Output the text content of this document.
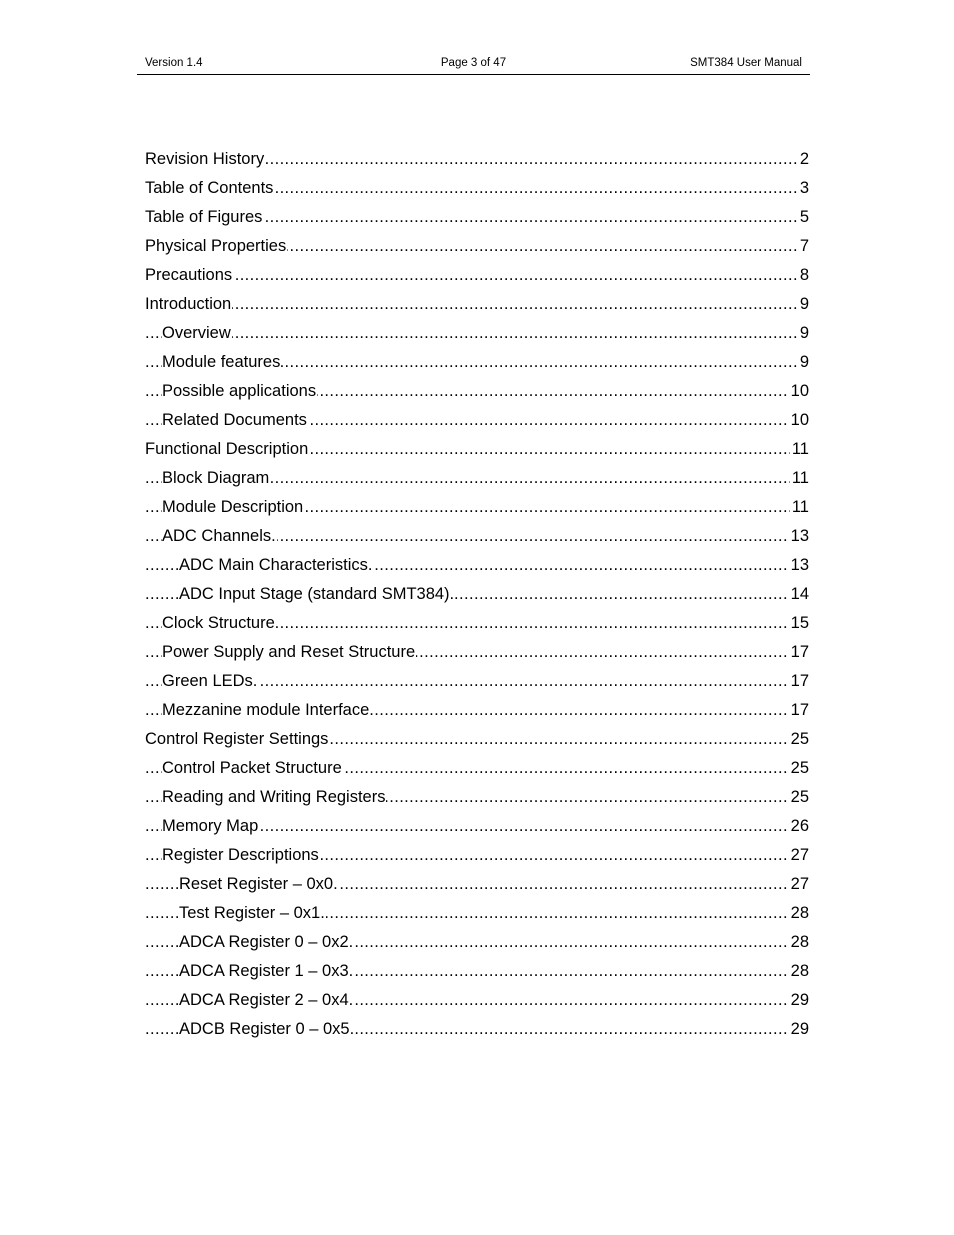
Version 1.4	Page 3 of 47	SMT384 User Manual
..... Revision History	2
..... Table of Contents	3
..... Table of Figures	5
..... Physical Properties	7
..... Precautions	8
..... Introduction	9
..... Overview	9
..... Module features	9
..... Possible applications	10
..... Related Documents	10
..... Functional Description	11
..... Block Diagram	11
..... Module Description	11
..... ADC Channels.	13
..... ADC Main Characteristics.	13
..... ADC Input Stage (standard SMT384).	14
..... Clock Structure	15
..... Power Supply and Reset Structure	17
..... Green LEDs.	17
..... Mezzanine module Interface	17
..... Control Register Settings	25
..... Control Packet Structure	25
..... Reading and Writing Registers	25
..... Memory Map	26
..... Register Descriptions	27
..... Reset Register – 0x0.	27
..... Test Register – 0x1.	28
..... ADCA Register 0 – 0x2.	28
..... ADCA Register 1 – 0x3.	28
..... ADCA Register 2 – 0x4.	29
..... ADCB Register 0 – 0x5.	29
